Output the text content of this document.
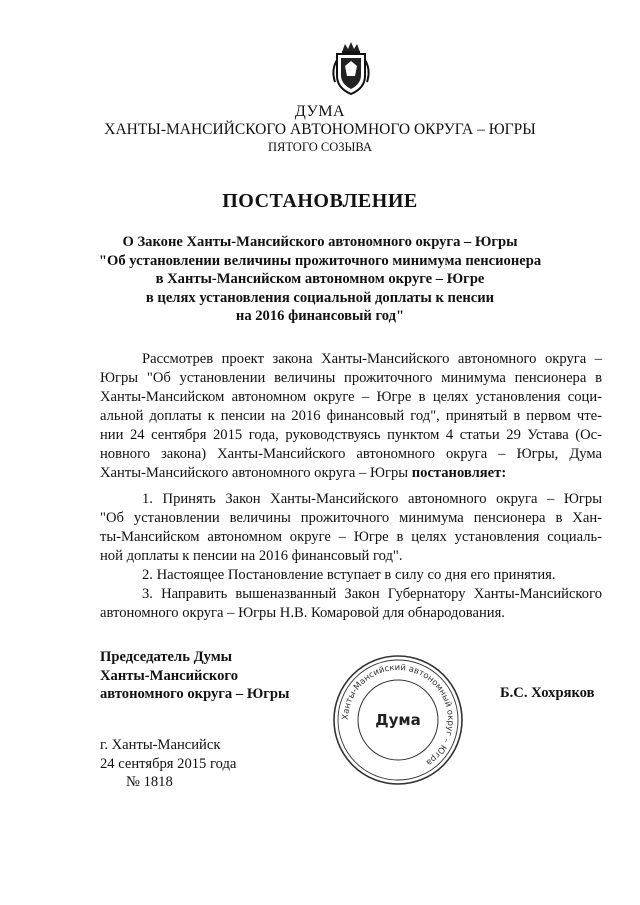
ДУМА
ХАНТЫ-МАНСИЙСКОГО АВТОНОМНОГО ОКРУГА – ЮГРЫ
ПЯТОГО СОЗЫВА
ПОСТАНОВЛЕНИЕ
О Законе Ханты-Мансийского автономного округа – Югры
"Об установлении величины прожиточного минимума пенсионера
в Ханты-Мансийском автономном округе – Югре
в целях установления социальной доплаты к пенсии
на 2016 финансовый год"
Рассмотрев проект закона Ханты-Мансийского автономного округа –
Югры "Об установлении величины прожиточного минимума пенсионера в
Ханты-Мансийском автономном округе – Югре в целях установления соци-
альной доплаты к пенсии на 2016 финансовый год", принятый в первом чте-
нии 24 сентября 2015 года, руководствуясь пунктом 4 статьи 29 Устава (Ос-
новного закона) Ханты-Мансийского автономного округа – Югры, Дума
Ханты-Мансийского автономного округа – Югры постановляет:
1. Принять Закон Ханты-Мансийского автономного округа – Югры
"Об установлении величины прожиточного минимума пенсионера в Хан-
ты-Мансийском автономном округе – Югре в целях установления социаль-
ной доплаты к пенсии на 2016 финансовый год".
2. Настоящее Постановление вступает в силу со дня его принятия.
3. Направить вышеназванный Закон Губернатору Ханты-Мансийского
автономного округа – Югры Н.В. Комаровой для обнародования.
Председатель Думы
Ханты-Мансийского
автономного округа – Югры	Б.С. Хохряков
Ханты-Мансийский автономный округ – Югра
Дума
г. Ханты-Мансийск
24 сентября 2015 года
№ 1818
